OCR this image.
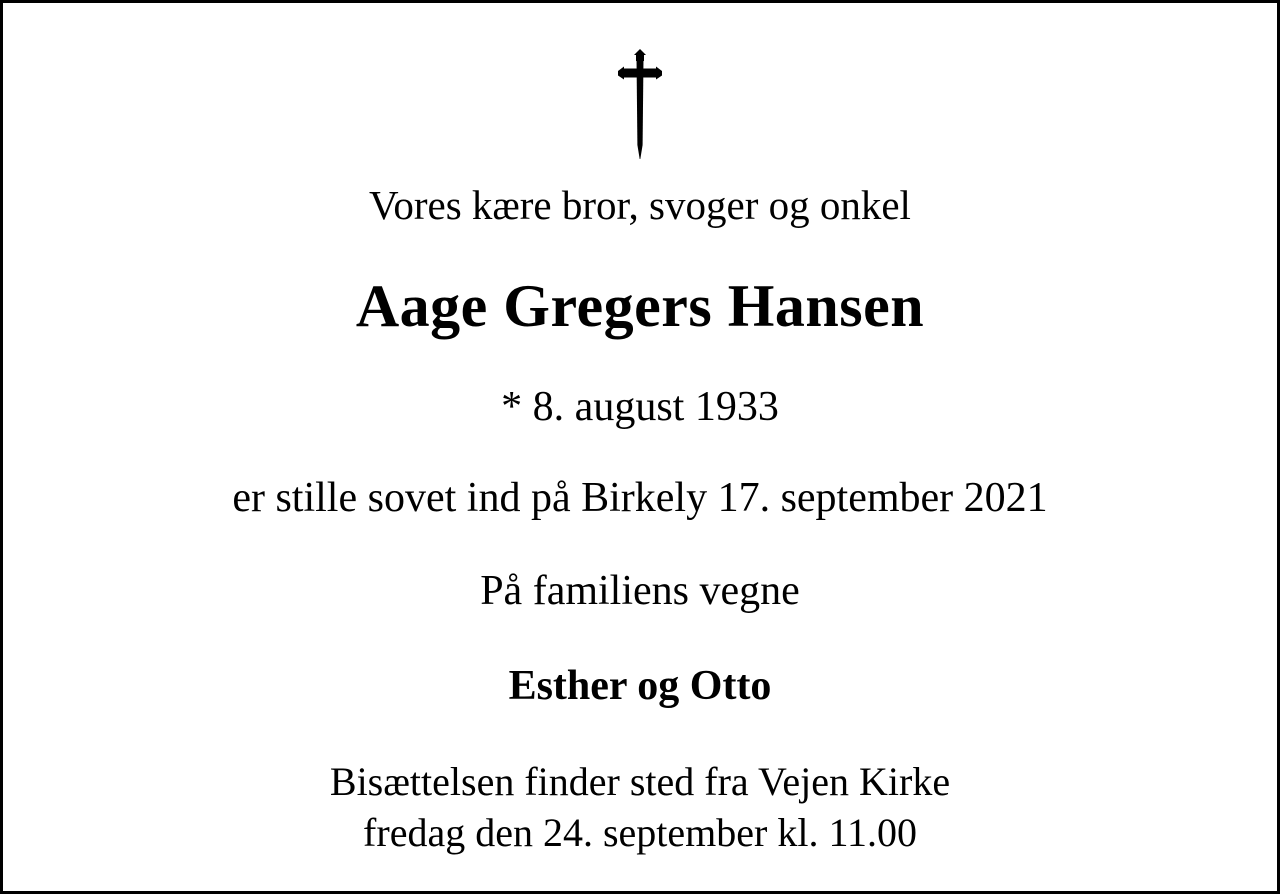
Vores kære bror, svoger og onkel
Aage Gregers Hansen
* 8. august 1933
er stille sovet ind på Birkely 17. september 2021
På familiens vegne
Esther og Otto
Bisættelsen finder sted fra Vejen Kirke
fredag den 24. september kl. 11.00
